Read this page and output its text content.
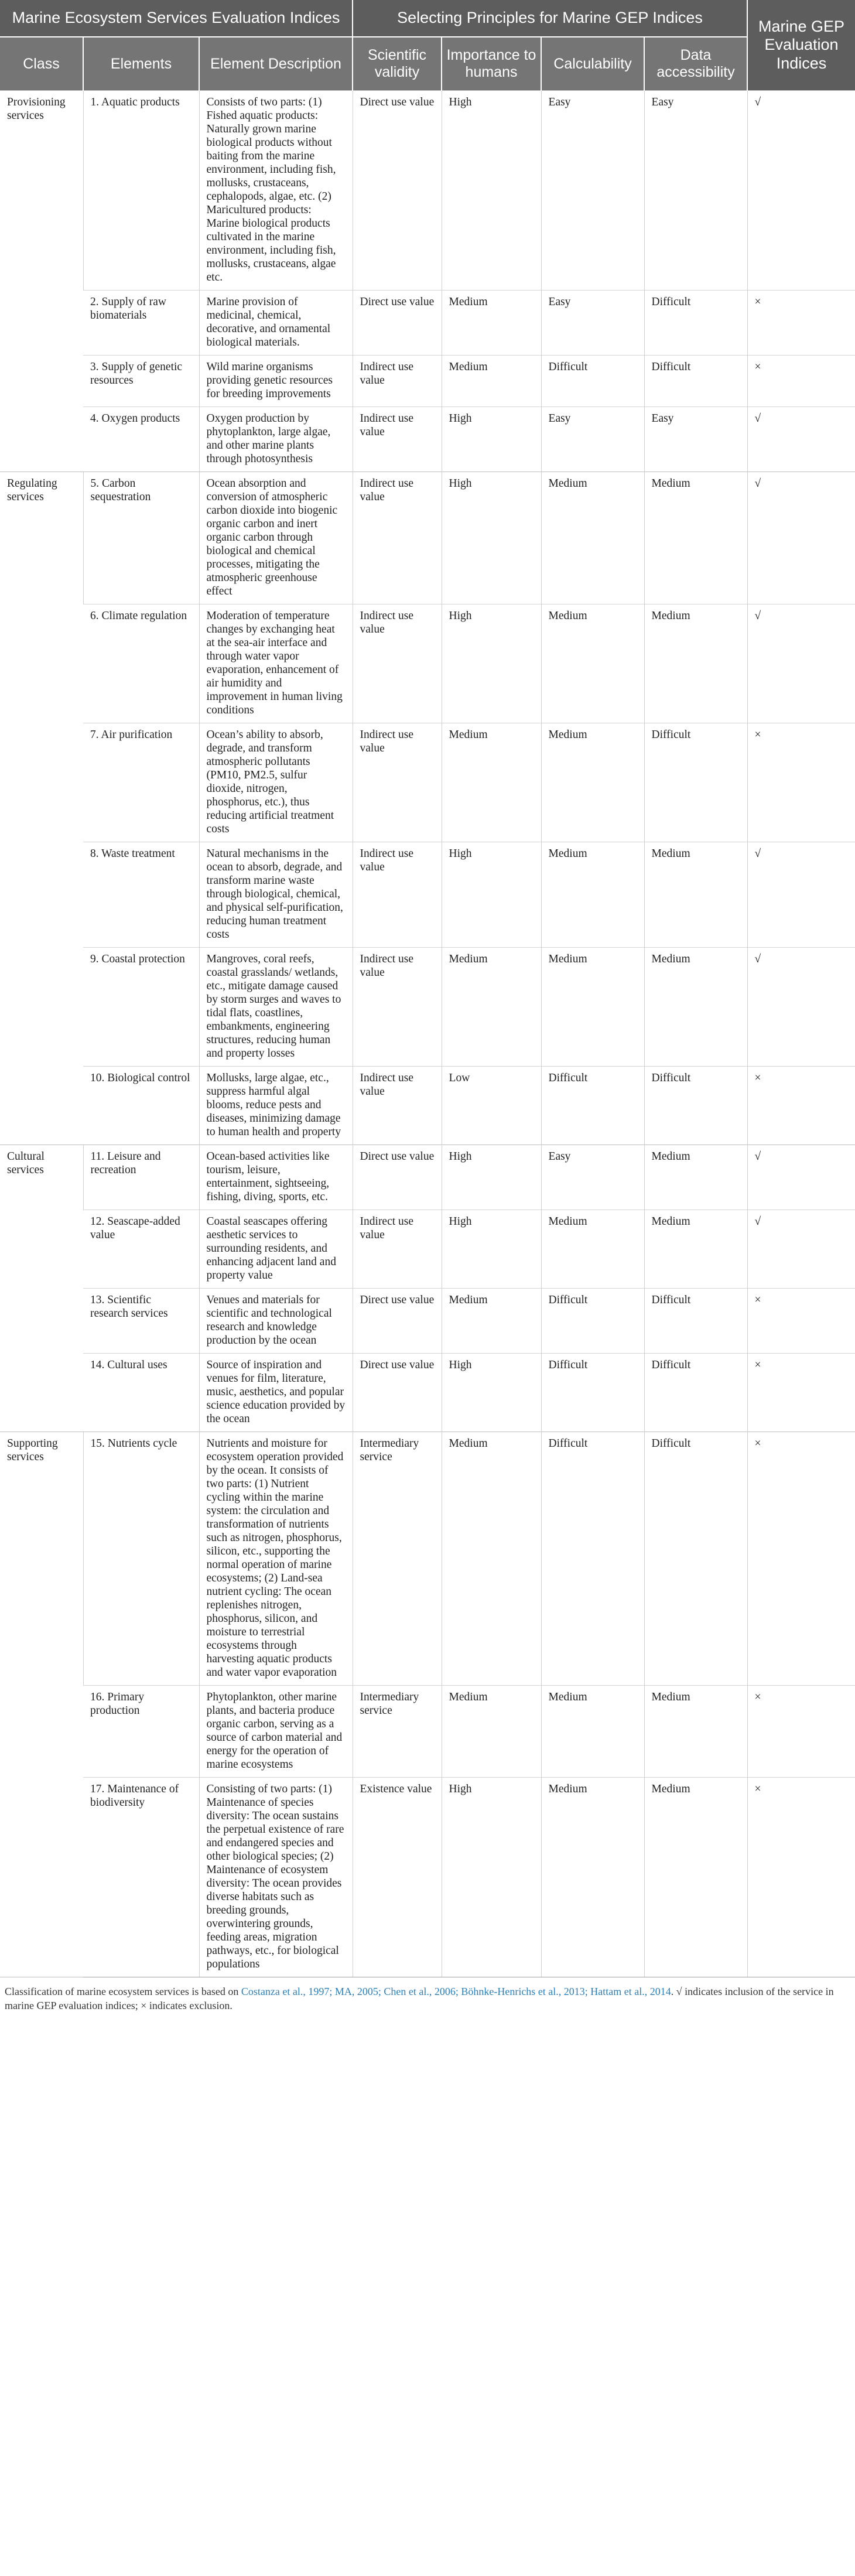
Marine Ecosystem Services Evaluation Indices			Selecting Principles for Marine GEP Indices				Marine GEP Evaluation Indices
Class	Elements	Element Description	Scientific validity	Importance to humans	Calculability	Data accessibility	
Provisioning services	1. Aquatic products	Consists of two parts: (1) Fished aquatic products: Naturally grown marine biological products without baiting from the marine environment, including fish, mollusks, crustaceans, cephalopods, algae, etc. (2) Maricultured products: Marine biological products cultivated in the marine environment, including fish, mollusks, crustaceans, algae etc.	Direct use value	High	Easy	Easy	√
	2. Supply of raw biomaterials	Marine provision of medicinal, chemical, decorative, and ornamental biological materials.	Direct use value	Medium	Easy	Difficult	×
	3. Supply of genetic resources	Wild marine organisms providing genetic resources for breeding improvements	Indirect use value	Medium	Difficult	Difficult	×
	4. Oxygen products	Oxygen production by phytoplankton, large algae, and other marine plants through photosynthesis	Indirect use value	High	Easy	Easy	√
Regulating services	5. Carbon sequestration	Ocean absorption and conversion of atmospheric carbon dioxide into biogenic organic carbon and inert organic carbon through biological and chemical processes, mitigating the atmospheric greenhouse effect	Indirect use value	High	Medium	Medium	√
	6. Climate regulation	Moderation of temperature changes by exchanging heat at the sea-air interface and through water vapor evaporation, enhancement of air humidity and improvement in human living conditions	Indirect use value	High	Medium	Medium	√
	7. Air purification	Ocean’s ability to absorb, degrade, and transform atmospheric pollutants (PM10, PM2.5, sulfur dioxide, nitrogen, phosphorus, etc.), thus reducing artificial treatment costs	Indirect use value	Medium	Medium	Difficult	×
	8. Waste treatment	Natural mechanisms in the ocean to absorb, degrade, and transform marine waste through biological, chemical, and physical self-purification, reducing human treatment costs	Indirect use value	High	Medium	Medium	√
	9. Coastal protection	Mangroves, coral reefs, coastal grasslands/ wetlands, etc., mitigate damage caused by storm surges and waves to tidal flats, coastlines, embankments, engineering structures, reducing human and property losses	Indirect use value	Medium	Medium	Medium	√
	10. Biological control	Mollusks, large algae, etc., suppress harmful algal blooms, reduce pests and diseases, minimizing damage to human health and property	Indirect use value	Low	Difficult	Difficult	×
Cultural services	11. Leisure and recreation	Ocean-based activities like tourism, leisure, entertainment, sightseeing, fishing, diving, sports, etc.	Direct use value	High	Easy	Medium	√
	12. Seascape-added value	Coastal seascapes offering aesthetic services to surrounding residents, and enhancing adjacent land and property value	Indirect use value	High	Medium	Medium	√
	13. Scientific research services	Venues and materials for scientific and technological research and knowledge production by the ocean	Direct use value	Medium	Difficult	Difficult	×
	14. Cultural uses	Source of inspiration and venues for film, literature, music, aesthetics, and popular science education provided by the ocean	Direct use value	High	Difficult	Difficult	×
Supporting services	15. Nutrients cycle	Nutrients and moisture for ecosystem operation provided by the ocean. It consists of two parts: (1) Nutrient cycling within the marine system: the circulation and transformation of nutrients such as nitrogen, phosphorus, silicon, etc., supporting the normal operation of marine ecosystems; (2) Land-sea nutrient cycling: The ocean replenishes nitrogen, phosphorus, silicon, and moisture to terrestrial ecosystems through harvesting aquatic products and water vapor evaporation	Intermediary service	Medium	Difficult	Difficult	×
	16. Primary production	Phytoplankton, other marine plants, and bacteria produce organic carbon, serving as a source of carbon material and energy for the operation of marine ecosystems	Intermediary service	Medium	Medium	Medium	×
	17. Maintenance of biodiversity	Consisting of two parts: (1) Maintenance of species diversity: The ocean sustains the perpetual existence of rare and endangered species and other biological species; (2) Maintenance of ecosystem diversity: The ocean provides diverse habitats such as breeding grounds, overwintering grounds, feeding areas, migration pathways, etc., for biological populations	Existence value	High	Medium	Medium	×
Classification of marine ecosystem services is based on Costanza et al., 1997; MA, 2005; Chen et al., 2006; Böhnke-Henrichs et al., 2013; Hattam et al., 2014. √ indicates inclusion of the service in marine GEP evaluation indices; × indicates exclusion.
